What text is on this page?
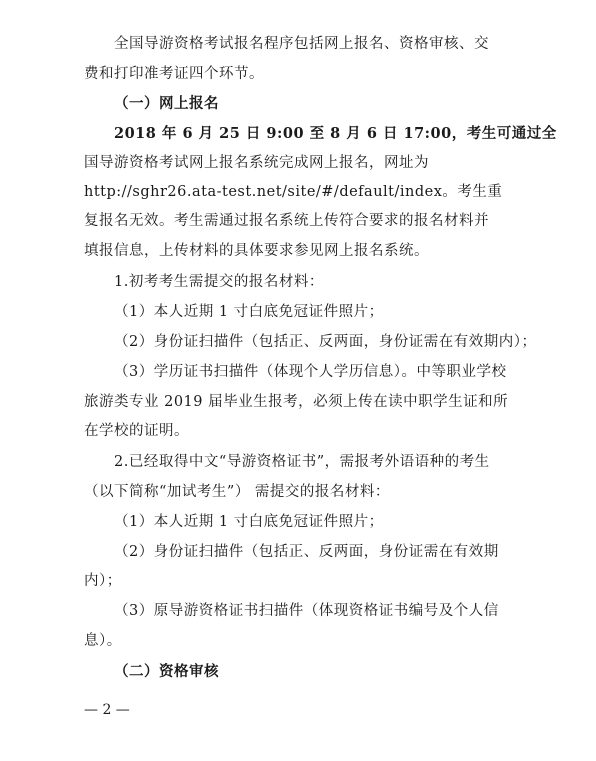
全国导游资格考试报名程序包括网上报名、资格审核、交
费和打印准考证四个环节。
（一）网上报名
2018 年 6 月 25 日 9:00 至 8 月 6 日 17:00，考生可通过全
国导游资格考试网上报名系统完成网上报名，网址为
http://sghr26.ata-test.net/site/#/default/index。考生重
复报名无效。考生需通过报名系统上传符合要求的报名材料并
填报信息，上传材料的具体要求参见网上报名系统。
1.初考考生需提交的报名材料：
（1）本人近期 1 寸白底免冠证件照片；
（2）身份证扫描件（包括正、反两面，身份证需在有效期内）；
（3）学历证书扫描件（体现个人学历信息）。中等职业学校
旅游类专业 2019 届毕业生报考，必须上传在读中职学生证和所
在学校的证明。
2.已经取得中文“导游资格证书”，需报考外语语种的考生
（以下简称“加试考生”） 需提交的报名材料：
（1）本人近期 1 寸白底免冠证件照片；
（2）身份证扫描件（包括正、反两面，身份证需在有效期
内）；
（3）原导游资格证书扫描件（体现资格证书编号及个人信
息）。
（二）资格审核
— 2 —
